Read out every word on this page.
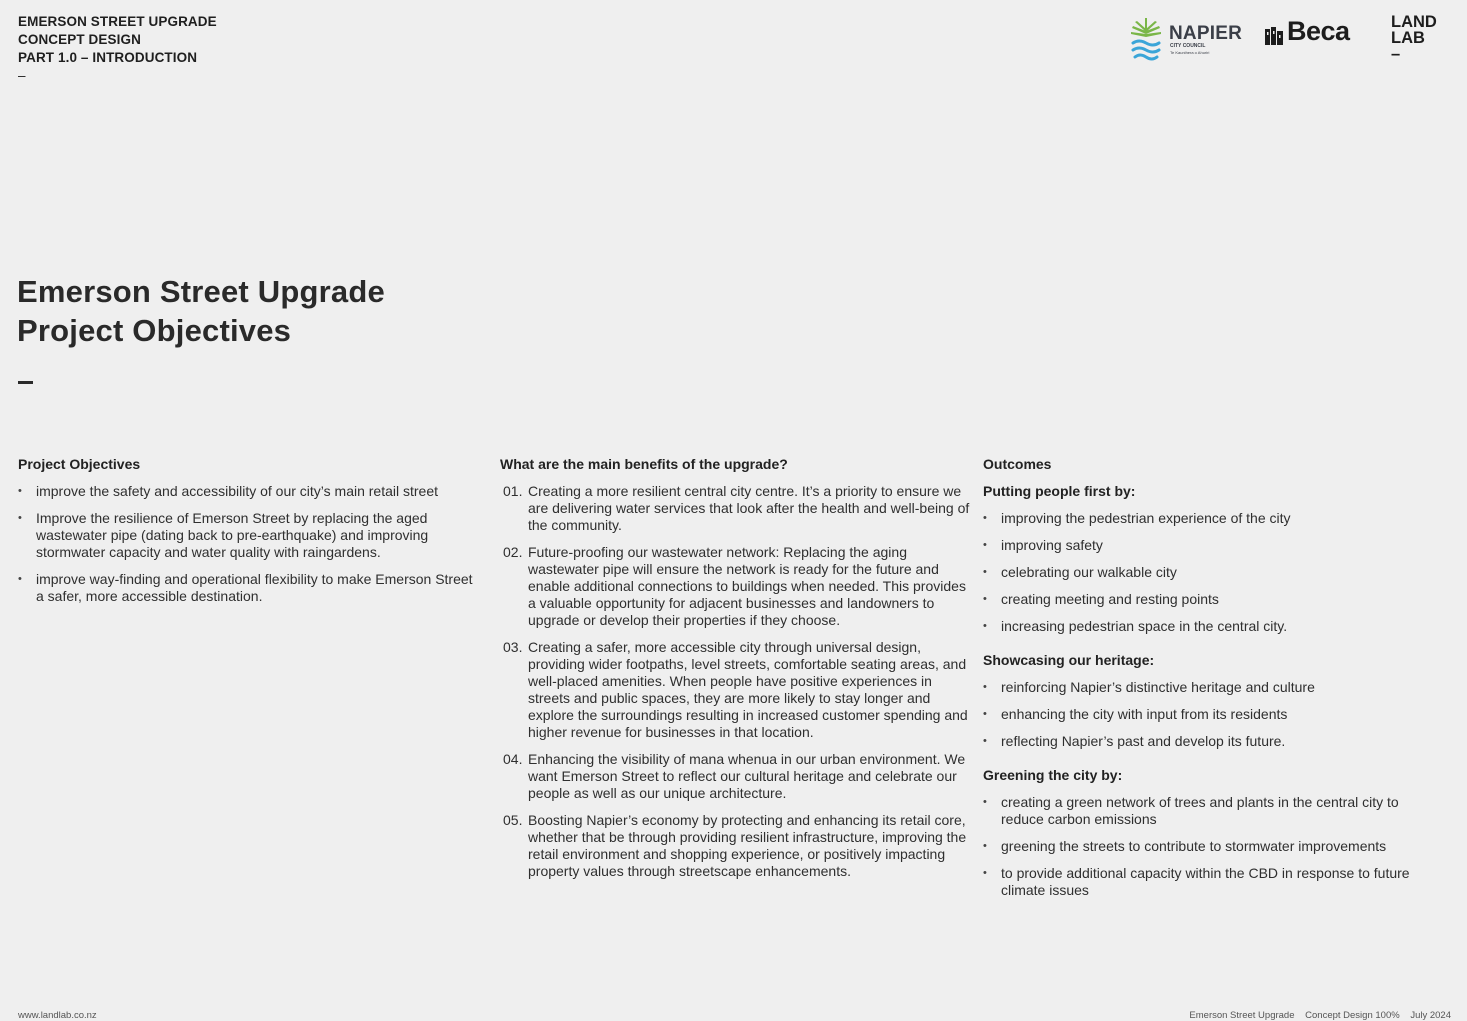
EMERSON STREET UPGRADE
CONCEPT DESIGN
PART 1.0 – INTRODUCTION
–
NAPIER
CITY COUNCIL
Te Kaunihera o Ahuriri
Beca	LAND
LAB
–
Emerson Street Upgrade
Project Objectives
Project Objectives
• improve the safety and accessibility of our city’s main retail street
• Improve the resilience of Emerson Street by replacing the aged wastewater pipe (dating back to pre-earthquake) and improving stormwater capacity and water quality with raingardens.
• improve way-finding and operational flexibility to make Emerson Street a safer, more accessible destination.
What are the main benefits of the upgrade?
01. Creating a more resilient central city centre. It’s a priority to ensure we are delivering water services that look after the health and well-being of the community.
02. Future-proofing our wastewater network: Replacing the aging wastewater pipe will ensure the network is ready for the future and enable additional connections to buildings when needed. This provides a valuable opportunity for adjacent businesses and landowners to upgrade or develop their properties if they choose.
03. Creating a safer, more accessible city through universal design, providing wider footpaths, level streets, comfortable seating areas, and well-placed amenities. When people have positive experiences in streets and public spaces, they are more likely to stay longer and explore the surroundings resulting in increased customer spending and higher revenue for businesses in that location.
04. Enhancing the visibility of mana whenua in our urban environment. We want Emerson Street to reflect our cultural heritage and celebrate our people as well as our unique architecture.
05. Boosting Napier’s economy by protecting and enhancing its retail core, whether that be through providing resilient infrastructure, improving the retail environment and shopping experience, or positively impacting property values through streetscape enhancements.
Outcomes
Putting people first by:
• improving the pedestrian experience of the city
• improving safety
• celebrating our walkable city
• creating meeting and resting points
• increasing pedestrian space in the central city.
Showcasing our heritage:
• reinforcing Napier’s distinctive heritage and culture
• enhancing the city with input from its residents
• reflecting Napier’s past and develop its future.
Greening the city by:
• creating a green network of trees and plants in the central city to reduce carbon emissions
• greening the streets to contribute to stormwater improvements
• to provide additional capacity within the CBD in response to future climate issues
www.landlab.co.nz	Emerson Street Upgrade Concept Design 100% July 2024
